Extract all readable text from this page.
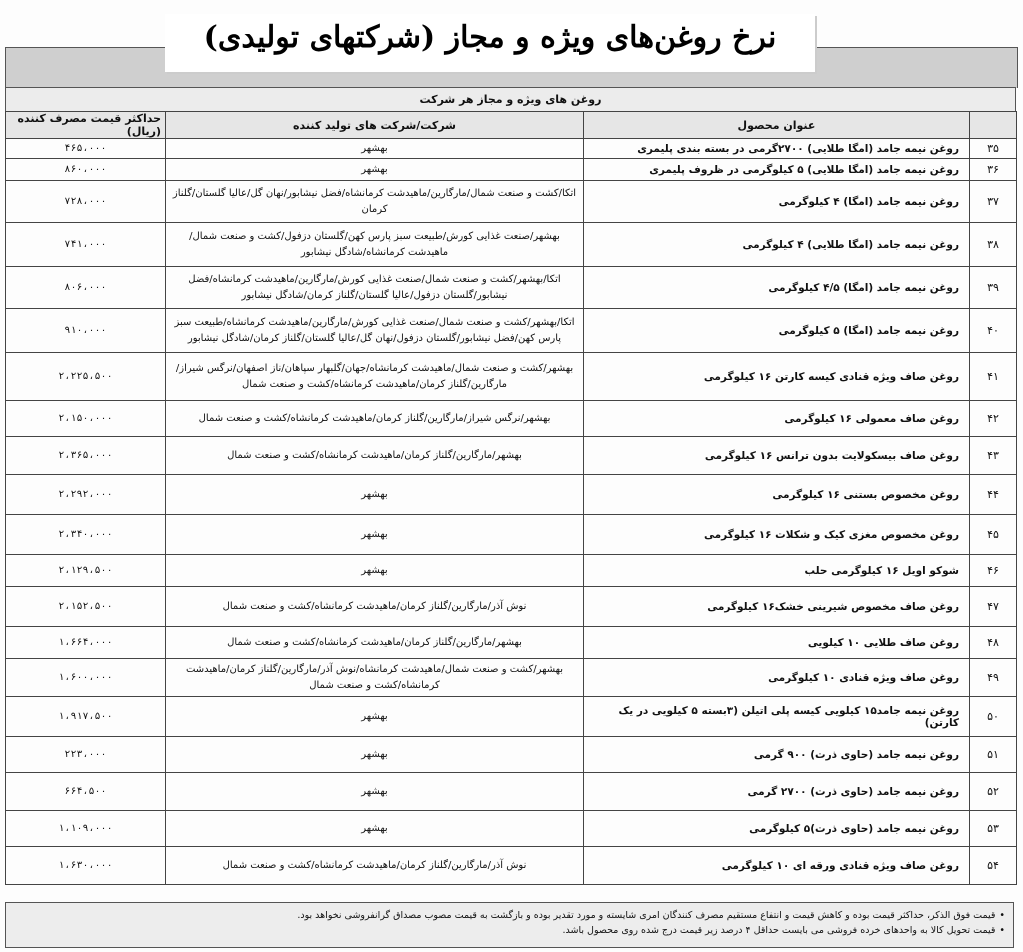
نرخ روغن‌های ویژه و مجاز (شرکتهای تولیدی)
روغن های ویژه و مجاز هر شرکت
حداکثر قیمت مصرف کننده (ریال)	شرکت/شرکت های تولید کننده	عنوان محصول	
۴۶۵،۰۰۰	بهشهر	روغن نیمه جامد (امگا طلایی) ۲۷۰۰گرمی در بسته بندی پلیمری	۳۵
۸۶۰،۰۰۰	بهشهر	روغن نیمه جامد (امگا طلایی) ۵ کیلوگرمی در ظروف پلیمری	۳۶
۷۲۸،۰۰۰	اتکا/کشت و صنعت شمال/مارگارین/ماهیدشت کرمانشاه/فضل نیشابور/نهان گل/عالیا گلستان/گلناز کرمان	روغن نیمه جامد (امگا) ۴ کیلوگرمی	۳۷
۷۴۱،۰۰۰	بهشهر/صنعت غذایی کورش/طبیعت سبز پارس کهن/گلستان دزفول/کشت و صنعت شمال/ماهیدشت کرمانشاه/شادگل نیشابور	روغن نیمه جامد (امگا طلایی) ۴ کیلوگرمی	۳۸
۸۰۶،۰۰۰	اتکا/بهشهر/کشت و صنعت شمال/صنعت غذایی کورش/مارگارین/ماهیدشت کرمانشاه/فضل نیشابور/گلستان دزفول/عالیا گلستان/گلناز کرمان/شادگل نیشابور	روغن نیمه جامد (امگا) ۴/۵ کیلوگرمی	۳۹
۹۱۰،۰۰۰	اتکا/بهشهر/کشت و صنعت شمال/صنعت غذایی کورش/مارگارین/ماهیدشت کرمانشاه/طبیعت سبز پارس کهن/فضل نیشابور/گلستان دزفول/نهان گل/عالیا گلستان/گلناز کرمان/شادگل نیشابور	روغن نیمه جامد (امگا) ۵ کیلوگرمی	۴۰
۲،۲۲۵،۵۰۰	بهشهر/کشت و صنعت شمال/ماهیدشت کرمانشاه/جهان/گلبهار سپاهان/ناز اصفهان/نرگس شیراز/مارگارین/گلناز کرمان/ماهیدشت کرمانشاه/کشت و صنعت شمال	روغن صاف ویژه قنادی کیسه کارتن ۱۶ کیلوگرمی	۴۱
۲،۱۵۰،۰۰۰	بهشهر/نرگس شیراز/مارگارین/گلناز کرمان/ماهیدشت کرمانشاه/کشت و صنعت شمال	روغن صاف معمولی ۱۶ کیلوگرمی	۴۲
۲،۳۶۵،۰۰۰	بهشهر/مارگارین/گلناز کرمان/ماهیدشت کرمانشاه/کشت و صنعت شمال	روغن صاف بیسکولایت بدون ترانس ۱۶ کیلوگرمی	۴۳
۲،۲۹۲،۰۰۰	بهشهر	روغن مخصوص بستنی ۱۶ کیلوگرمی	۴۴
۲،۳۴۰،۰۰۰	بهشهر	روغن مخصوص مغزی کیک و شکلات ۱۶ کیلوگرمی	۴۵
۲،۱۲۹،۵۰۰	بهشهر	شوکو اویل ۱۶ کیلوگرمی حلب	۴۶
۲،۱۵۲،۵۰۰	نوش آذر/مارگارین/گلناز کرمان/ماهیدشت کرمانشاه/کشت و صنعت شمال	روغن صاف مخصوص شیرینی خشک۱۶ کیلوگرمی	۴۷
۱،۶۶۴،۰۰۰	بهشهر/مارگارین/گلناز کرمان/ماهیدشت کرمانشاه/کشت و صنعت شمال	روغن صاف طلایی ۱۰ کیلویی	۴۸
۱،۶۰۰،۰۰۰	بهشهر/کشت و صنعت شمال/ماهیدشت کرمانشاه/نوش آذر/مارگارین/گلناز کرمان/ماهیدشت کرمانشاه/کشت و صنعت شمال	روغن صاف ویژه قنادی ۱۰ کیلوگرمی	۴۹
۱،۹۱۷،۵۰۰	بهشهر	روغن نیمه جامد۱۵ کیلویی کیسه پلی اتیلن (۳بسته ۵ کیلویی در یک کارتن)	۵۰
۲۲۳،۰۰۰	بهشهر	روغن نیمه جامد (حاوی ذرت) ۹۰۰ گرمی	۵۱
۶۶۴،۵۰۰	بهشهر	روغن نیمه جامد (حاوی ذرت) ۲۷۰۰ گرمی	۵۲
۱،۱۰۹،۰۰۰	بهشهر	روغن نیمه جامد (حاوی ذرت)۵ کیلوگرمی	۵۳
۱،۶۳۰،۰۰۰	نوش آذر/مارگارین/گلناز کرمان/ماهیدشت کرمانشاه/کشت و صنعت شمال	روغن صاف ویژه قنادی ورقه ای ۱۰ کیلوگرمی	۵۴
•قیمت فوق الذکر، حداکثر قیمت بوده و کاهش قیمت و انتفاع مستقیم مصرف کنندگان امری شایسته و مورد تقدیر بوده و بازگشت به قیمت مصوب مصداق گرانفروشی نخواهد بود.
•قیمت تحویل کالا به واحدهای خرده فروشی می بایست حداقل ۴ درصد زیر قیمت درج شده روی محصول باشد.
